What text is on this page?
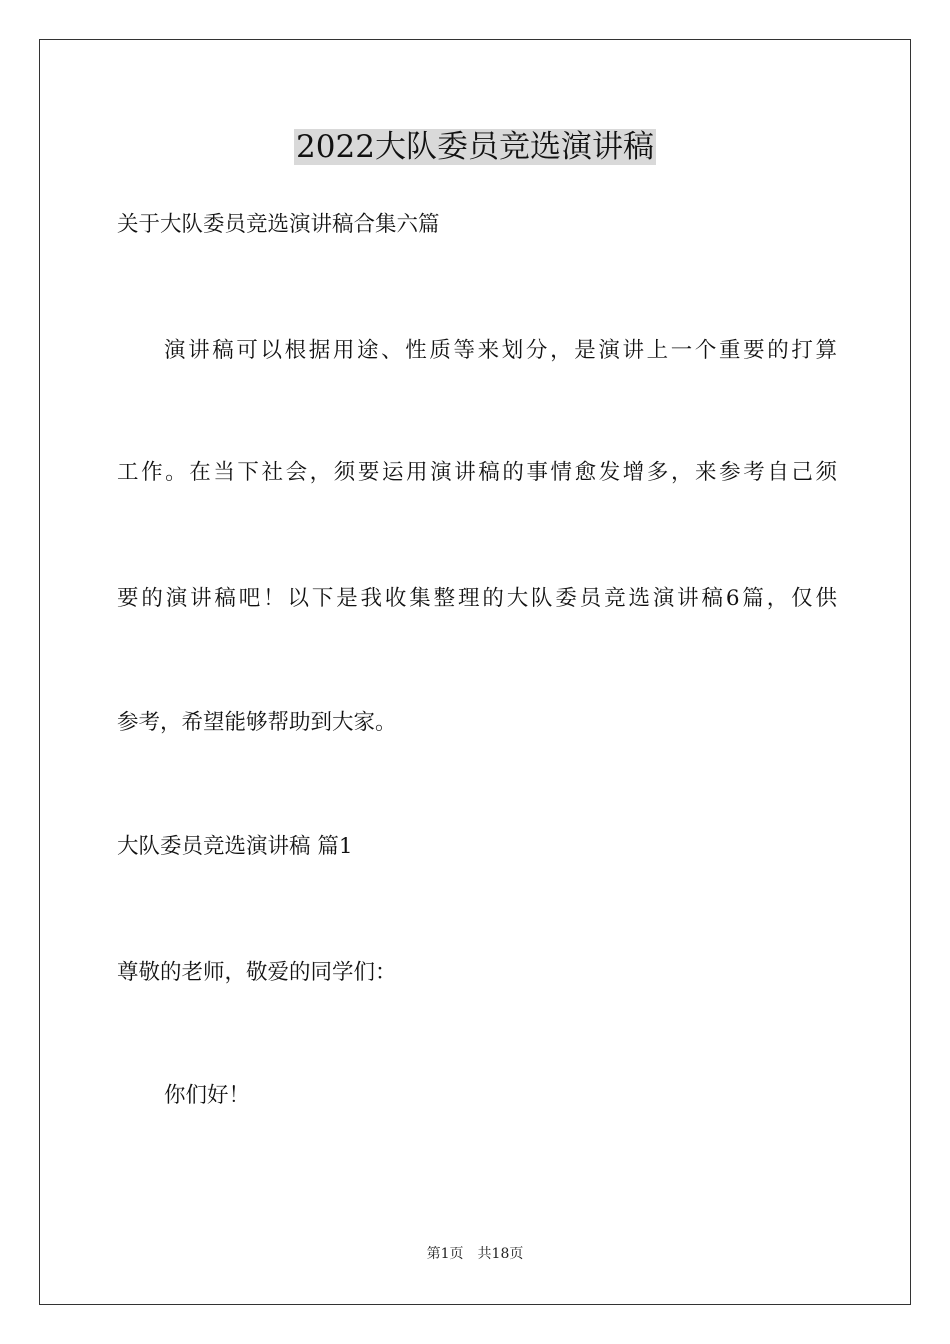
2022大队委员竞选演讲稿

关于大队委员竞选演讲稿合集六篇

演讲稿可以根据用途、性质等来划分，是演讲上一个重要的打算

工作。在当下社会，须要运用演讲稿的事情愈发增多，来参考自己须

要的演讲稿吧！以下是我收集整理的大队委员竞选演讲稿6篇，仅供

参考，希望能够帮助到大家。

大队委员竞选演讲稿 篇1

尊敬的老师，敬爱的同学们：

你们好！

第1页 共18页
